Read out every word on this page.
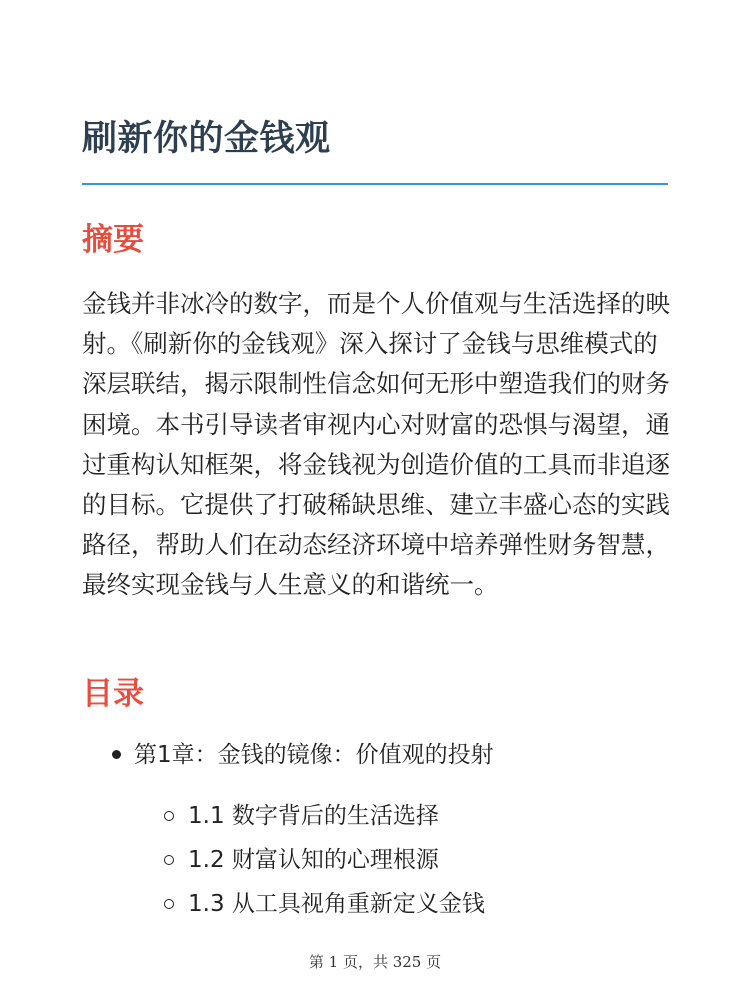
刷新你的金钱观
摘要

金钱并非冰冷的数字，而是个人价值观与生活选择的映射。《刷新你的金钱观》深入探讨了金钱与思维模式的深层联结，揭示限制性信念如何无形中塑造我们的财务困境。本书引导读者审视内心对财富的恐惧与渴望，通过重构认知框架，将金钱视为创造价值的工具而非追逐的目标。它提供了打破稀缺思维、建立丰盛心态的实践路径，帮助人们在动态经济环境中培养弹性财务智慧，最终实现金钱与人生意义的和谐统一。

目录
第1章：金钱的镜像：价值观的投射
1.1 数字背后的生活选择
1.2 财富认知的心理根源
1.3 从工具视角重新定义金钱
第 1 页，共 325 页
